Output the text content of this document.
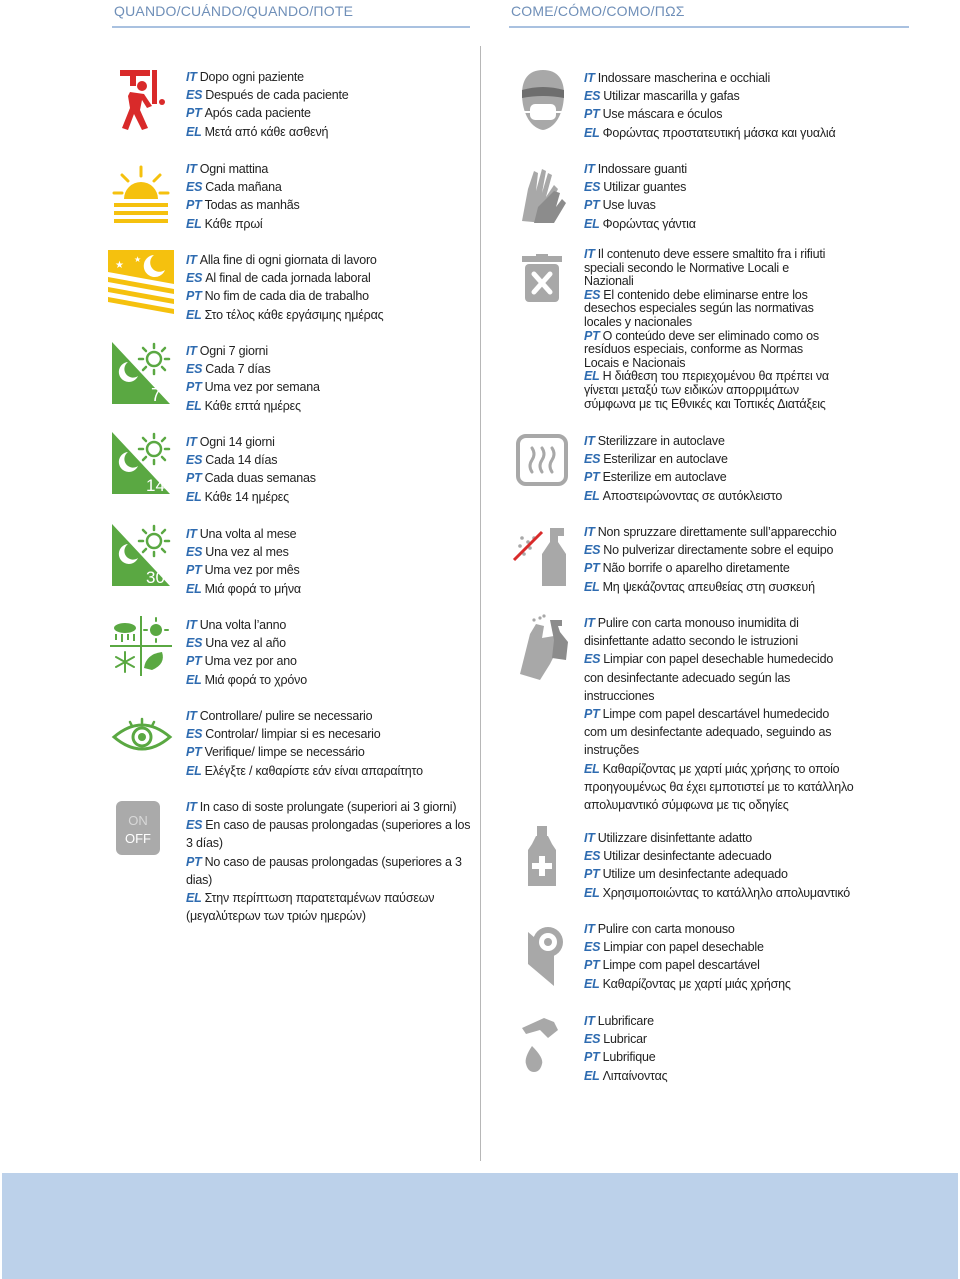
QUANDO/CUÁNDO/QUANDO/ΠΟΤΕ	COME/CÓMO/COMO/ΠΩΣ
★
★
7
14
30
ON
OFF
IT Dopo ogni paziente
ES Después de cada paciente
PT Após cada paciente
EL Μετά από κάθε ασθενή
IT Ogni mattina
ES Cada mañana
PT Todas as manhãs
EL Κάθε πρωί
IT Alla fine di ogni giornata di lavoro
ES Al final de cada jornada laboral
PT No fim de cada dia de trabalho
EL Στο τέλος κάθε εργάσιμης ημέρας
IT Ogni 7 giorni
ES Cada 7 días
PT Uma vez por semana
EL Κάθε επτά ημέρες
IT Ogni 14 giorni
ES Cada 14 días
PT Cada duas semanas
EL Κάθε 14 ημέρες
IT Una volta al mese
ES Una vez al mes
PT Uma vez por mês
EL Μιά φορά το μήνα
IT Una volta l’anno
ES Una vez al año
PT Uma vez por ano
EL Μιά φορά το χρόνο
IT Controllare/ pulire se necessario
ES Controlar/ limpiar si es necesario
PT Verifique/ limpe se necessário
EL Ελέγξτε / καθαρίστε εάν είναι απαραίτητο
IT In caso di soste prolungate (superiori ai 3 giorni)
ES En caso de pausas prolongadas (superiores a los 3 días)
PT No caso de pausas prolongadas (superiores a 3 dias)
EL Στην περίπτωση παρατεταμένων παύσεων (μεγαλύτερων των τριών ημερών)
IT Indossare mascherina e occhiali
ES Utilizar mascarilla y gafas
PT Use máscara e óculos
EL Φορώντας προστατευτική μάσκα και γυαλιά
IT Indossare guanti
ES Utilizar guantes
PT Use luvas
EL Φορώντας γάντια
IT Il contenuto deve essere smaltito fra i rifiuti speciali secondo le Normative Locali e Nazionali
ES El contenido debe eliminarse entre los desechos especiales según las normativas locales y nacionales
PT O conteúdo deve ser eliminado como os resíduos especiais, conforme as Normas Locais e Nacionais
EL Η διάθεση του περιεχομένου θα πρέπει να γίνεται μεταξύ των ειδικών απορριμάτων σύμφωνα με τις Εθνικές και Τοπικές Διατάξεις
IT Sterilizzare in autoclave
ES Esterilizar en autoclave
PT Esterilize em autoclave
EL Αποστειρώνοντας σε αυτόκλειστο
IT Non spruzzare direttamente sull’apparecchio
ES No pulverizar directamente sobre el equipo
PT Não borrife o aparelho diretamente
EL Μη ψεκάζοντας απευθείας στη συσκευή
IT Pulire con carta monouso inumidita di disinfettante adatto secondo le istruzioni
ES Limpiar con papel desechable humedecido con desinfectante adecuado según las instrucciones
PT Limpe com papel descartável humedecido com um desinfectante adequado, seguindo as instruções
EL Καθαρίζοντας με χαρτί μιάς χρήσης το οποίο προηγουμένως θα έχει εμποτιστεί με το κατάλληλο απολυμαντικό σύμφωνα με τις οδηγίες
IT Utilizzare disinfettante adatto
ES Utilizar desinfectante adecuado
PT Utilize um desinfectante adequado
EL Χρησιμοποιώντας το κατάλληλο απολυμαντικό
IT Pulire con carta monouso
ES Limpiar con papel desechable
PT Limpe com papel descartável
EL Καθαρίζοντας με χαρτί μιάς χρήσης
IT Lubrificare
ES Lubricar
PT Lubrifique
EL Λιπαίνοντας
